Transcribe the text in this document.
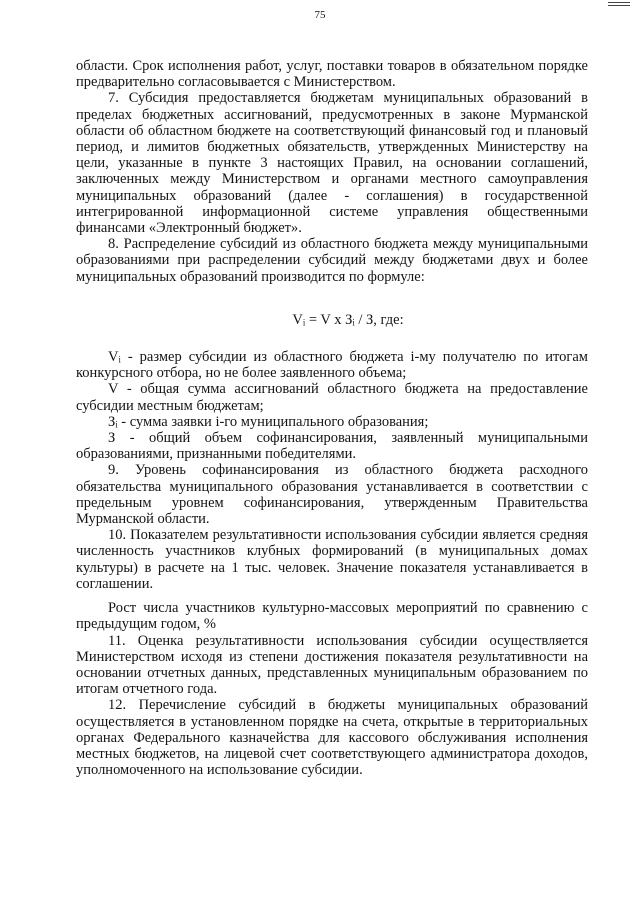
75

области. Срок исполнения работ, услуг, поставки товаров в обязательном порядке предварительно согласовывается с Министерством.

7. Субсидия предоставляется бюджетам муниципальных образований в пределах бюджетных ассигнований, предусмотренных в законе Мурманской области об областном бюджете на соответствующий финансовый год и плановый период, и лимитов бюджетных обязательств, утвержденных Министерству на цели, указанные в пункте 3 настоящих Правил, на основании соглашений, заключенных между Министерством и органами местного самоуправления муниципальных образований (далее - соглашения) в государственной интегрированной информационной системе управления общественными финансами «Электронный бюджет».

8. Распределение субсидий из областного бюджета между муниципальными образованиями при распределении субсидий между бюджетами двух и более муниципальных образований производится по формуле:

Vᵢ = V x Зᵢ / З, где:

Vᵢ - размер субсидии из областного бюджета i-му получателю по итогам конкурсного отбора, но не более заявленного объема;

V - общая сумма ассигнований областного бюджета на предоставление субсидии местным бюджетам;

Зᵢ - сумма заявки i-го муниципального образования;

З - общий объем софинансирования, заявленный муниципальными образованиями, признанными победителями.

9. Уровень софинансирования из областного бюджета расходного обязательства муниципального образования устанавливается в соответствии с предельным уровнем софинансирования, утвержденным Правительства Мурманской области.

10. Показателем результативности использования субсидии является средняя численность участников клубных формирований (в муниципальных домах культуры) в расчете на 1 тыс. человек. Значение показателя устанавливается в соглашении.

Рост числа участников культурно-массовых мероприятий по сравнению с предыдущим годом, %

11. Оценка результативности использования субсидии осуществляется Министерством исходя из степени достижения показателя результативности на основании отчетных данных, представленных муниципальным образованием по итогам отчетного года.

12. Перечисление субсидий в бюджеты муниципальных образований осуществляется в установленном порядке на счета, открытые в территориальных органах Федерального казначейства для кассового обслуживания исполнения местных бюджетов, на лицевой счет соответствующего администратора доходов, уполномоченного на использование субсидии.
